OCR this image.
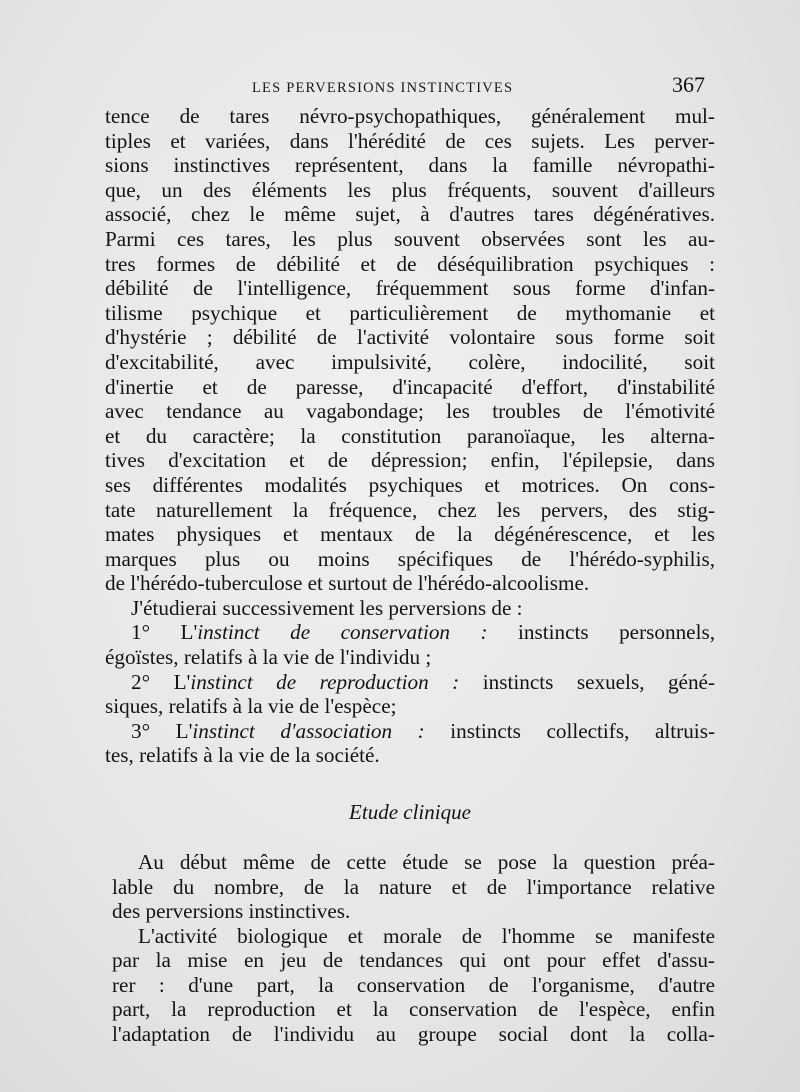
LES PERVERSIONS INSTINCTIVES	367
tence de tares névro-psychopathiques, généralement mul-
tiples et variées, dans l'hérédité de ces sujets. Les perver-
sions instinctives représentent, dans la famille névropathi-
que, un des éléments les plus fréquents, souvent d'ailleurs
associé, chez le même sujet, à d'autres tares dégénératives.
Parmi ces tares, les plus souvent observées sont les au-
tres formes de débilité et de déséquilibration psychiques :
débilité de l'intelligence, fréquemment sous forme d'infan-
tilisme psychique et particulièrement de mythomanie et
d'hystérie ; débilité de l'activité volontaire sous forme soit
d'excitabilité, avec impulsivité, colère, indocilité, soit
d'inertie et de paresse, d'incapacité d'effort, d'instabilité
avec tendance au vagabondage; les troubles de l'émotivité
et du caractère; la constitution paranoïaque, les alterna-
tives d'excitation et de dépression; enfin, l'épilepsie, dans
ses différentes modalités psychiques et motrices. On cons-
tate naturellement la fréquence, chez les pervers, des stig-
mates physiques et mentaux de la dégénérescence, et les
marques plus ou moins spécifiques de l'hérédo-syphilis,
de l'hérédo-tuberculose et surtout de l'hérédo-alcoolisme.
J'étudierai successivement les perversions de :
1° L'instinct de conservation : instincts personnels,
égoïstes, relatifs à la vie de l'individu ;
2° L'instinct de reproduction : instincts sexuels, géné-
siques, relatifs à la vie de l'espèce;
3° L'instinct d'association : instincts collectifs, altruis-
tes, relatifs à la vie de la société.
Etude clinique
Au début même de cette étude se pose la question préa-
lable du nombre, de la nature et de l'importance relative
des perversions instinctives.
L'activité biologique et morale de l'homme se manifeste
par la mise en jeu de tendances qui ont pour effet d'assu-
rer : d'une part, la conservation de l'organisme, d'autre
part, la reproduction et la conservation de l'espèce, enfin
l'adaptation de l'individu au groupe social dont la colla-
